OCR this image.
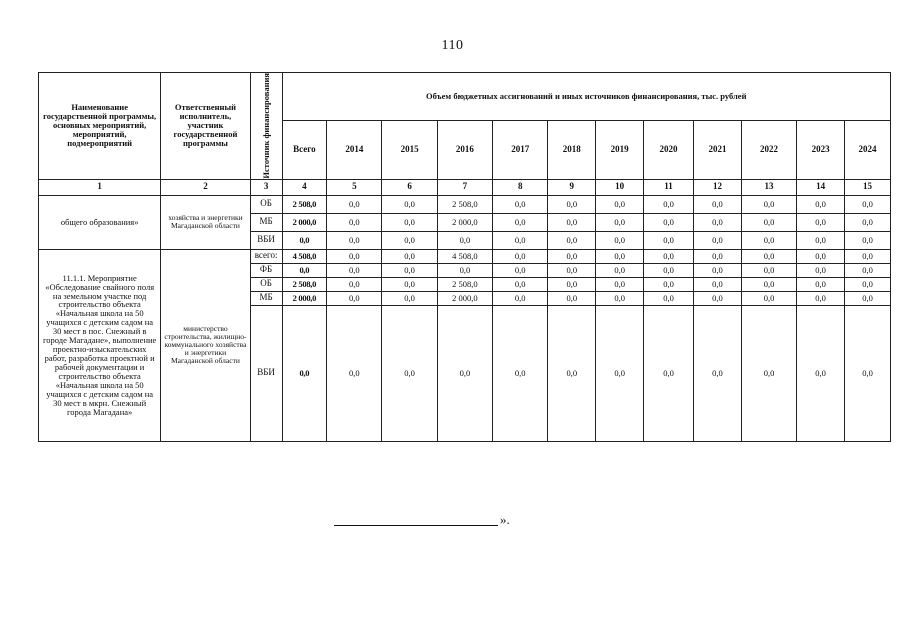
110
Наименование государственной программы, основных мероприятий, мероприятий, подмероприятий	Ответственный исполнитель, участник государственной программы	Источник финансирования	Объем бюджетных ассигнований и иных источников финансирования, тыс. рублей											
			Всего	2014	2015	2016	2017	2018	2019	2020	2021	2022	2023	2024
1	2	3	4	5	6	7	8	9	10	11	12	13	14	15
общего образования»	хозяйства и энергетики Магаданской области	ОБ	2 508,0	0,0	0,0	2 508,0	0,0	0,0	0,0	0,0	0,0	0,0	0,0	0,0
		МБ	2 000,0	0,0	0,0	2 000,0	0,0	0,0	0,0	0,0	0,0	0,0	0,0	0,0
		ВБИ	0,0	0,0	0,0	0,0	0,0	0,0	0,0	0,0	0,0	0,0	0,0	0,0
11.1.1. Мероприятие «Обследование свайного поля на земельном участке под строительство объекта «Начальная школа на 50 учащихся с детским садом на 30 мест в пос. Снежный в городе Магадане», выполнение проектно-изыскательских работ, разработка проектной и рабочей документации и строительство объекта «Начальная школа на 50 учащихся с детским садом на 30 мест в мкрн. Снежный города Магадана»	министерство строительства, жилищно-коммунального хозяйства и энергетики Магаданской области	всего:	4 508,0	0,0	0,0	4 508,0	0,0	0,0	0,0	0,0	0,0	0,0	0,0	0,0
		ФБ	0,0	0,0	0,0	0,0	0,0	0,0	0,0	0,0	0,0	0,0	0,0	0,0
		ОБ	2 508,0	0,0	0,0	2 508,0	0,0	0,0	0,0	0,0	0,0	0,0	0,0	0,0
		МБ	2 000,0	0,0	0,0	2 000,0	0,0	0,0	0,0	0,0	0,0	0,0	0,0	0,0
		ВБИ	0,0	0,0	0,0	0,0	0,0	0,0	0,0	0,0	0,0	0,0	0,0	0,0
».
